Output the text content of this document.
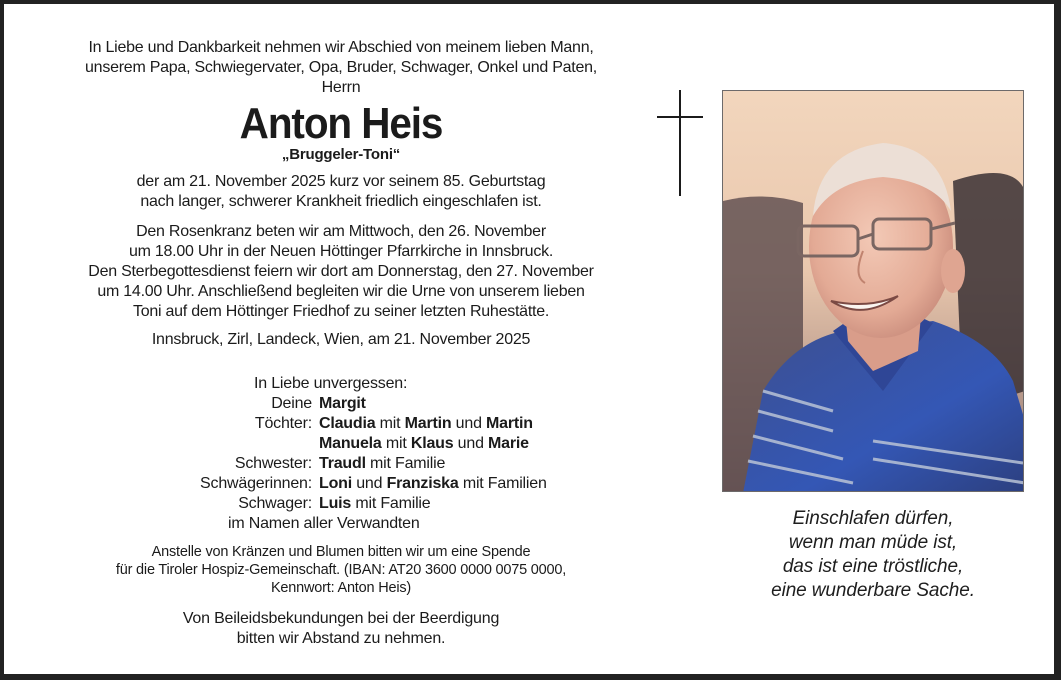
In Liebe und Dankbarkeit nehmen wir Abschied von meinem lieben Mann,
unserem Papa, Schwiegervater, Opa, Bruder, Schwager, Onkel und Paten,
Herrn
Anton Heis
„Bruggeler-Toni“
der am 21. November 2025 kurz vor seinem 85. Geburtstag
nach langer, schwerer Krankheit friedlich eingeschlafen ist.
Den Rosenkranz beten wir am Mittwoch, den 26. November
um 18.00 Uhr in der Neuen Höttinger Pfarrkirche in Innsbruck.
Den Sterbegottesdienst feiern wir dort am Donnerstag, den 27. November
um 14.00 Uhr. Anschließend begleiten wir die Urne von unserem lieben
Toni auf dem Höttinger Friedhof zu seiner letzten Ruhestätte.
Innsbruck, Zirl, Landeck, Wien, am 21. November 2025
In Liebe unvergessen:
Deine Margit
Töchter: Claudia mit Martin und Martin
Manuela mit Klaus und Marie
Schwester: Traudl mit Familie
Schwägerinnen: Loni und Franziska mit Familien
Schwager: Luis mit Familie
im Namen aller Verwandten
Anstelle von Kränzen und Blumen bitten wir um eine Spende
für die Tiroler Hospiz-Gemeinschaft. (IBAN: AT20 3600 0000 0075 0000,
Kennwort: Anton Heis)
Von Beileidsbekundungen bei der Beerdigung
bitten wir Abstand zu nehmen.
Einschlafen dürfen,
wenn man müde ist,
das ist eine tröstliche,
eine wunderbare Sache.
